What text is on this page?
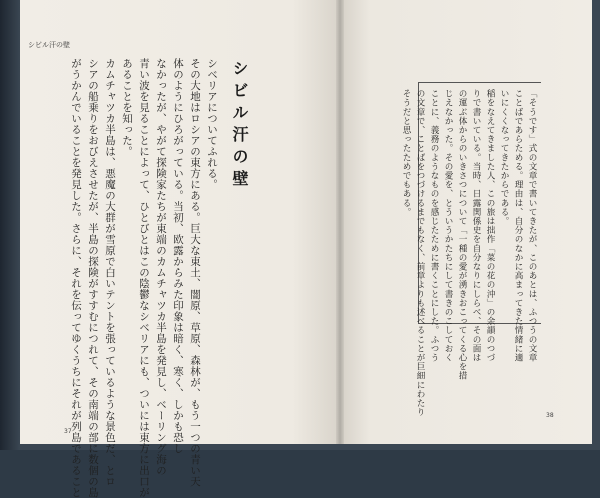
シビル汗の壁
シビル汗の壁
シベリアについてふれる。
その大地はロシアの東方にある。巨大な東土、闇原、草原、森林が、もう一つの青い天
体のようにひろがっている。当初、欧露からみた印象は暗く、寒く、しかも恐し
なかったが、やがて探険家たちが東端のカムチャツカ半島を発見し、ベーリング海の
青い波を見ることによって、ひとびとはこの陰鬱なシベリアにも、ついには東方に出口が
あることを知った。
カムチャツカ半島は、悪魔の大群が雪原で白いテントを張っているような景色だ、とロ
シアの船乗りをおびえさせたが、半島の探険がすすむにつれて、その南端の部に数個の島
がうかんでいることを発見した。さらに、それを伝ってゆくうちにそれが列島であること
37
「そうです」式の文章で書いてきたが、このあとは、ふつうの文章
ことばであらためる。理由は、自分のなかに高まってきた情緒に適
いにくくなってきたからである。
稲をなえてきました人、この旅は拙作「菜の花の沖」の余韻のつづ
りで書いている。当時、日露関係史を自分なりにしらべ、その面は
の運ぶ体からのいきさつについて「一種の愛が湧きおこってくる心を措
じえなかった。その愛を、とういうかたちにして書きのこしておく
ことに、義務のようなものを感じたために書くことにした。ふつう
の文章で、ことばをつづけるまでもなく、前章よりも述べることが巨細にわたり
そうだと思ったためでもある。
38
